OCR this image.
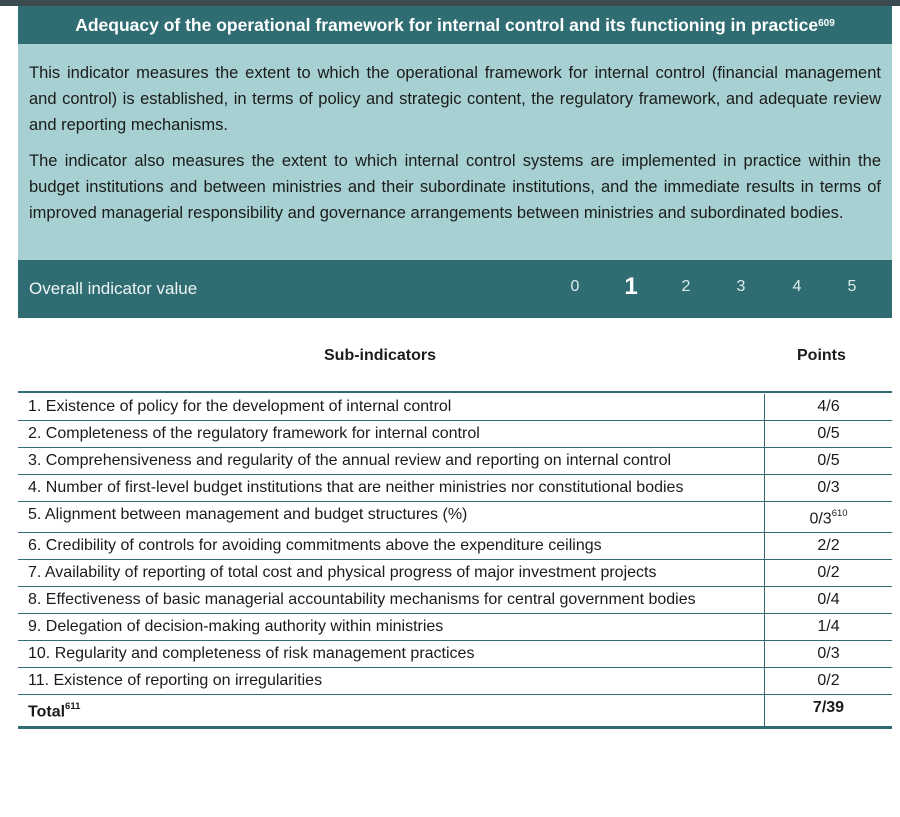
Adequacy of the operational framework for internal control and its functioning in practice$^{609}$

This indicator measures the extent to which the operational framework for internal control (financial management and control) is established, in terms of policy and strategic content, the regulatory framework, and adequate review and reporting mechanisms.

The indicator also measures the extent to which internal control systems are implemented in practice within the budget institutions and between ministries and their subordinate institutions, and the immediate results in terms of improved managerial responsibility and governance arrangements between ministries and subordinated bodies.

Overall indicator value	0 1	2	3	4	5
Sub-indicators	Points
1. Existence of policy for the development of internal control	4/6

2. Completeness of the regulatory framework for internal control	0/5

3. Comprehensiveness and regularity of the annual review and reporting on internal control	0/5

4. Number of first-level budget institutions that are neither ministries nor constitutional bodies	0/3

5. Alignment between management and budget structures (%)	$0/3^{610}$

6. Credibility of controls for avoiding commitments above the expenditure ceilings	2/2

7. Availability of reporting of total cost and physical progress of major investment projects	0/2

8. Effectiveness of basic managerial accountability mechanisms for central government bodies	0/4

9. Delegation of decision-making authority within ministries	1/4

10. Regularity and completeness of risk management practices	0/3

11. Existence of reporting on irregularities	0/2
Total$^{611}$	7/39
